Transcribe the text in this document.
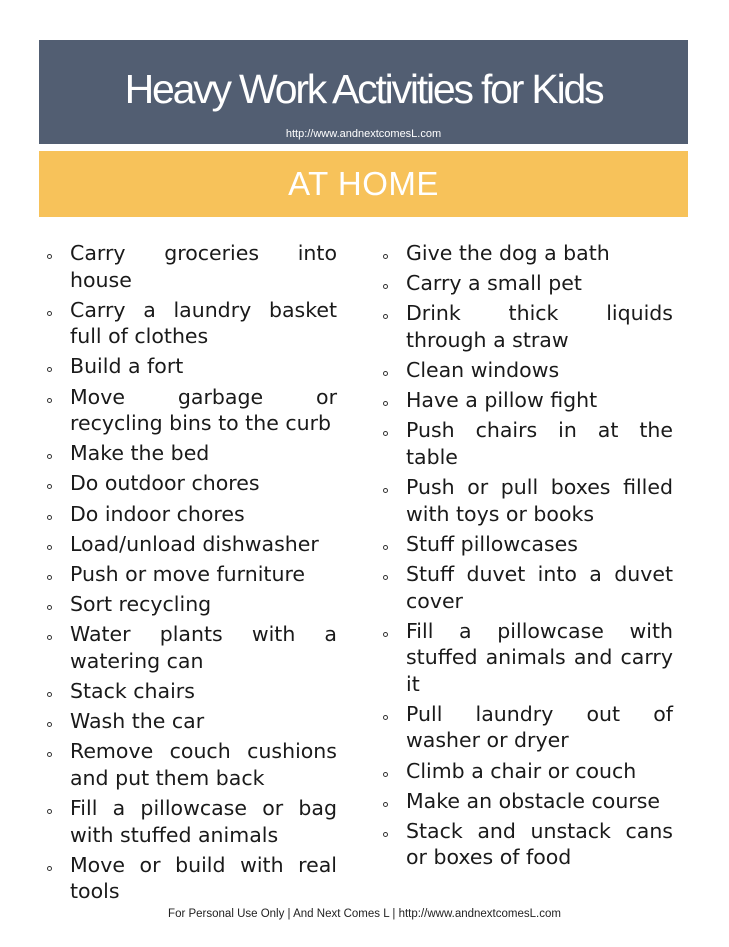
Heavy Work Activities for Kids
http://www.andnextcomesL.com
AT HOME
Carry groceries into house
Carry a laundry basket full of clothes
Build a fort
Move garbage or recycling bins to the curb
Make the bed
Do outdoor chores
Do indoor chores
Load/unload dishwasher
Push or move furniture
Sort recycling
Water plants with a watering can
Stack chairs
Wash the car
Remove couch cushions and put them back
Fill a pillowcase or bag with stuffed animals
Move or build with real tools
Give the dog a bath
Carry a small pet
Drink thick liquids through a straw
Clean windows
Have a pillow fight
Push chairs in at the table
Push or pull boxes filled with toys or books
Stuff pillowcases
Stuff duvet into a duvet cover
Fill a pillowcase with stuffed animals and carry it
Pull laundry out of washer or dryer
Climb a chair or couch
Make an obstacle course
Stack and unstack cans or boxes of food
For Personal Use Only | And Next Comes L | http://www.andnextcomesL.com
